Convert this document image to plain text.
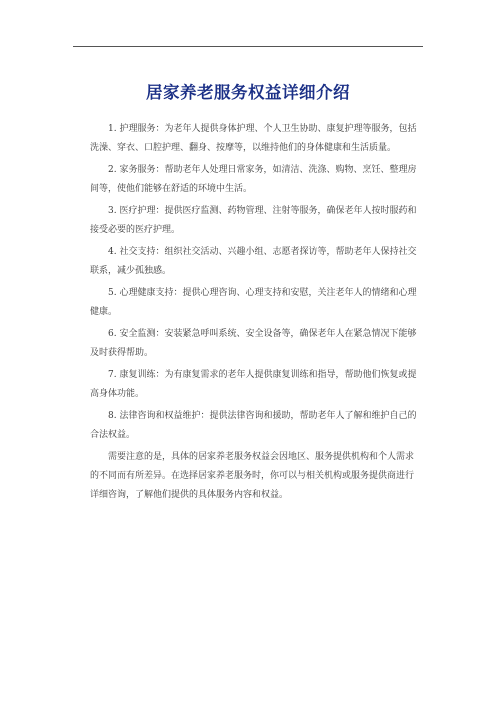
居家养老服务权益详细介绍

1. 护理服务：为老年人提供身体护理、个人卫生协助、康复护理等服务，包括洗澡、穿衣、口腔护理、翻身、按摩等，以维持他们的身体健康和生活质量。

2. 家务服务：帮助老年人处理日常家务，如清洁、洗涤、购物、烹饪、整理房间等，使他们能够在舒适的环境中生活。

3. 医疗护理：提供医疗监测、药物管理、注射等服务，确保老年人按时服药和接受必要的医疗护理。

4. 社交支持：组织社交活动、兴趣小组、志愿者探访等，帮助老年人保持社交联系，减少孤独感。

5. 心理健康支持：提供心理咨询、心理支持和安慰，关注老年人的情绪和心理健康。

6. 安全监测：安装紧急呼叫系统、安全设备等，确保老年人在紧急情况下能够及时获得帮助。

7. 康复训练：为有康复需求的老年人提供康复训练和指导，帮助他们恢复或提高身体功能。

8. 法律咨询和权益维护：提供法律咨询和援助，帮助老年人了解和维护自己的合法权益。

需要注意的是，具体的居家养老服务权益会因地区、服务提供机构和个人需求的不同而有所差异。在选择居家养老服务时，你可以与相关机构或服务提供商进行详细咨询，了解他们提供的具体服务内容和权益。
